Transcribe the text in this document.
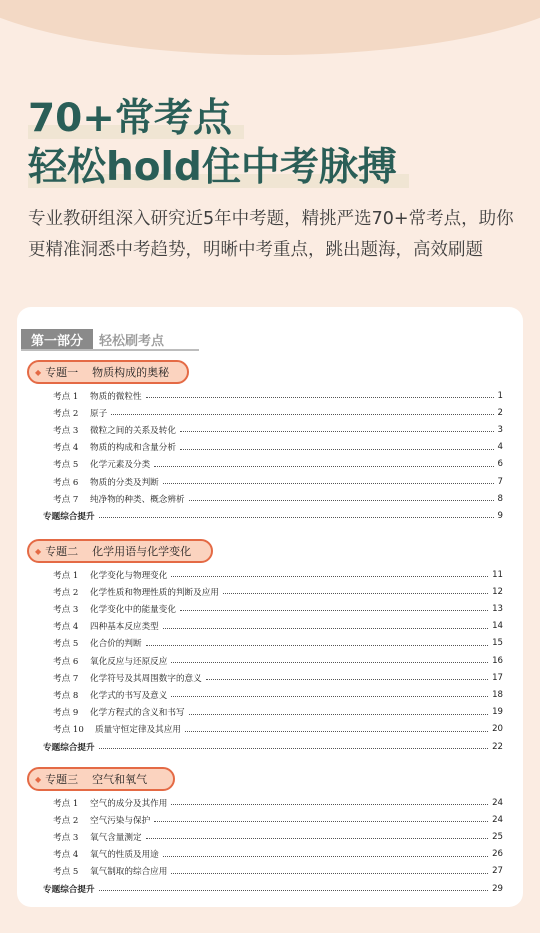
70+常考点
轻松hold住中考脉搏
专业教研组深入研究近5年中考题，精挑严选70+常考点，助你更精准洞悉中考趋势，明晰中考重点，跳出题海，高效刷题
第一部分	轻松刷考点
◆ 专题一 物质构成的奥秘
考点 1	物质的微粒性	1
考点 2	原子	2
考点 3	微粒之间的关系及转化	3
考点 4	物质的构成和含量分析	4
考点 5	化学元素及分类	6
考点 6	物质的分类及判断	7
考点 7	纯净物的种类、概念辨析	8
专题综合提升	9
◆ 专题二 化学用语与化学变化
考点 1	化学变化与物理变化	11
考点 2	化学性质和物理性质的判断及应用	12
考点 3	化学变化中的能量变化	13
考点 4	四种基本反应类型	14
考点 5	化合价的判断	15
考点 6	氧化反应与还原反应	16
考点 7	化学符号及其周围数字的意义	17
考点 8	化学式的书写及意义	18
考点 9	化学方程式的含义和书写	19
考点 10	质量守恒定律及其应用	20
专题综合提升	22
◆ 专题三 空气和氧气
考点 1	空气的成分及其作用	24
考点 2	空气污染与保护	24
考点 3	氧气含量测定	25
考点 4	氧气的性质及用途	26
考点 5	氧气制取的综合应用	27
专题综合提升	29
